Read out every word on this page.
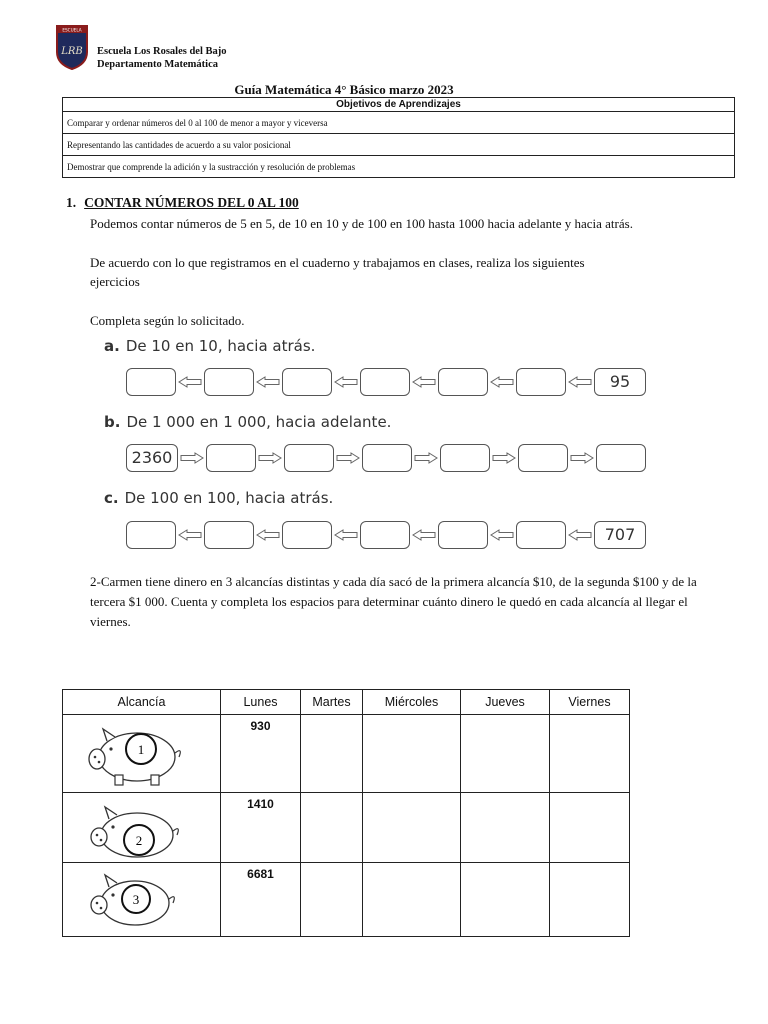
ESCUELA
LRB Escuela Los Rosales del Bajo
Departamento Matemática
Guía Matemática 4° Básico marzo 2023
Objetivos de Aprendizajes
Comparar y ordenar números del 0 al 100 de menor a mayor y viceversa
Representando las cantidades de acuerdo a su valor posicional
Demostrar que comprende la adición y la sustracción y resolución de problemas
1. CONTAR NÚMEROS DEL 0 AL 100
Podemos contar números de 5 en 5, de 10 en 10 y de 100 en 100 hasta 1000 hacia adelante y hacia atrás.
De acuerdo con lo que registramos en el cuaderno y trabajamos en clases, realiza los siguientes ejercicios
Completa según lo solicitado.
a. De 10 en 10, hacia atrás.
95
b. De 1 000 en 1 000, hacia adelante.
2360
c. De 100 en 100, hacia atrás.
707
2-Carmen tiene dinero en 3 alcancías distintas y cada día sacó de la primera alcancía $10, de la segunda $100 y de la tercera $1 000. Cuenta y completa los espacios para determinar cuánto dinero le quedó en cada alcancía al llegar el viernes.
Alcancía	Lunes	Martes	Miércoles	Jueves	Viernes

1	930				

2	1410				

3	6681				
